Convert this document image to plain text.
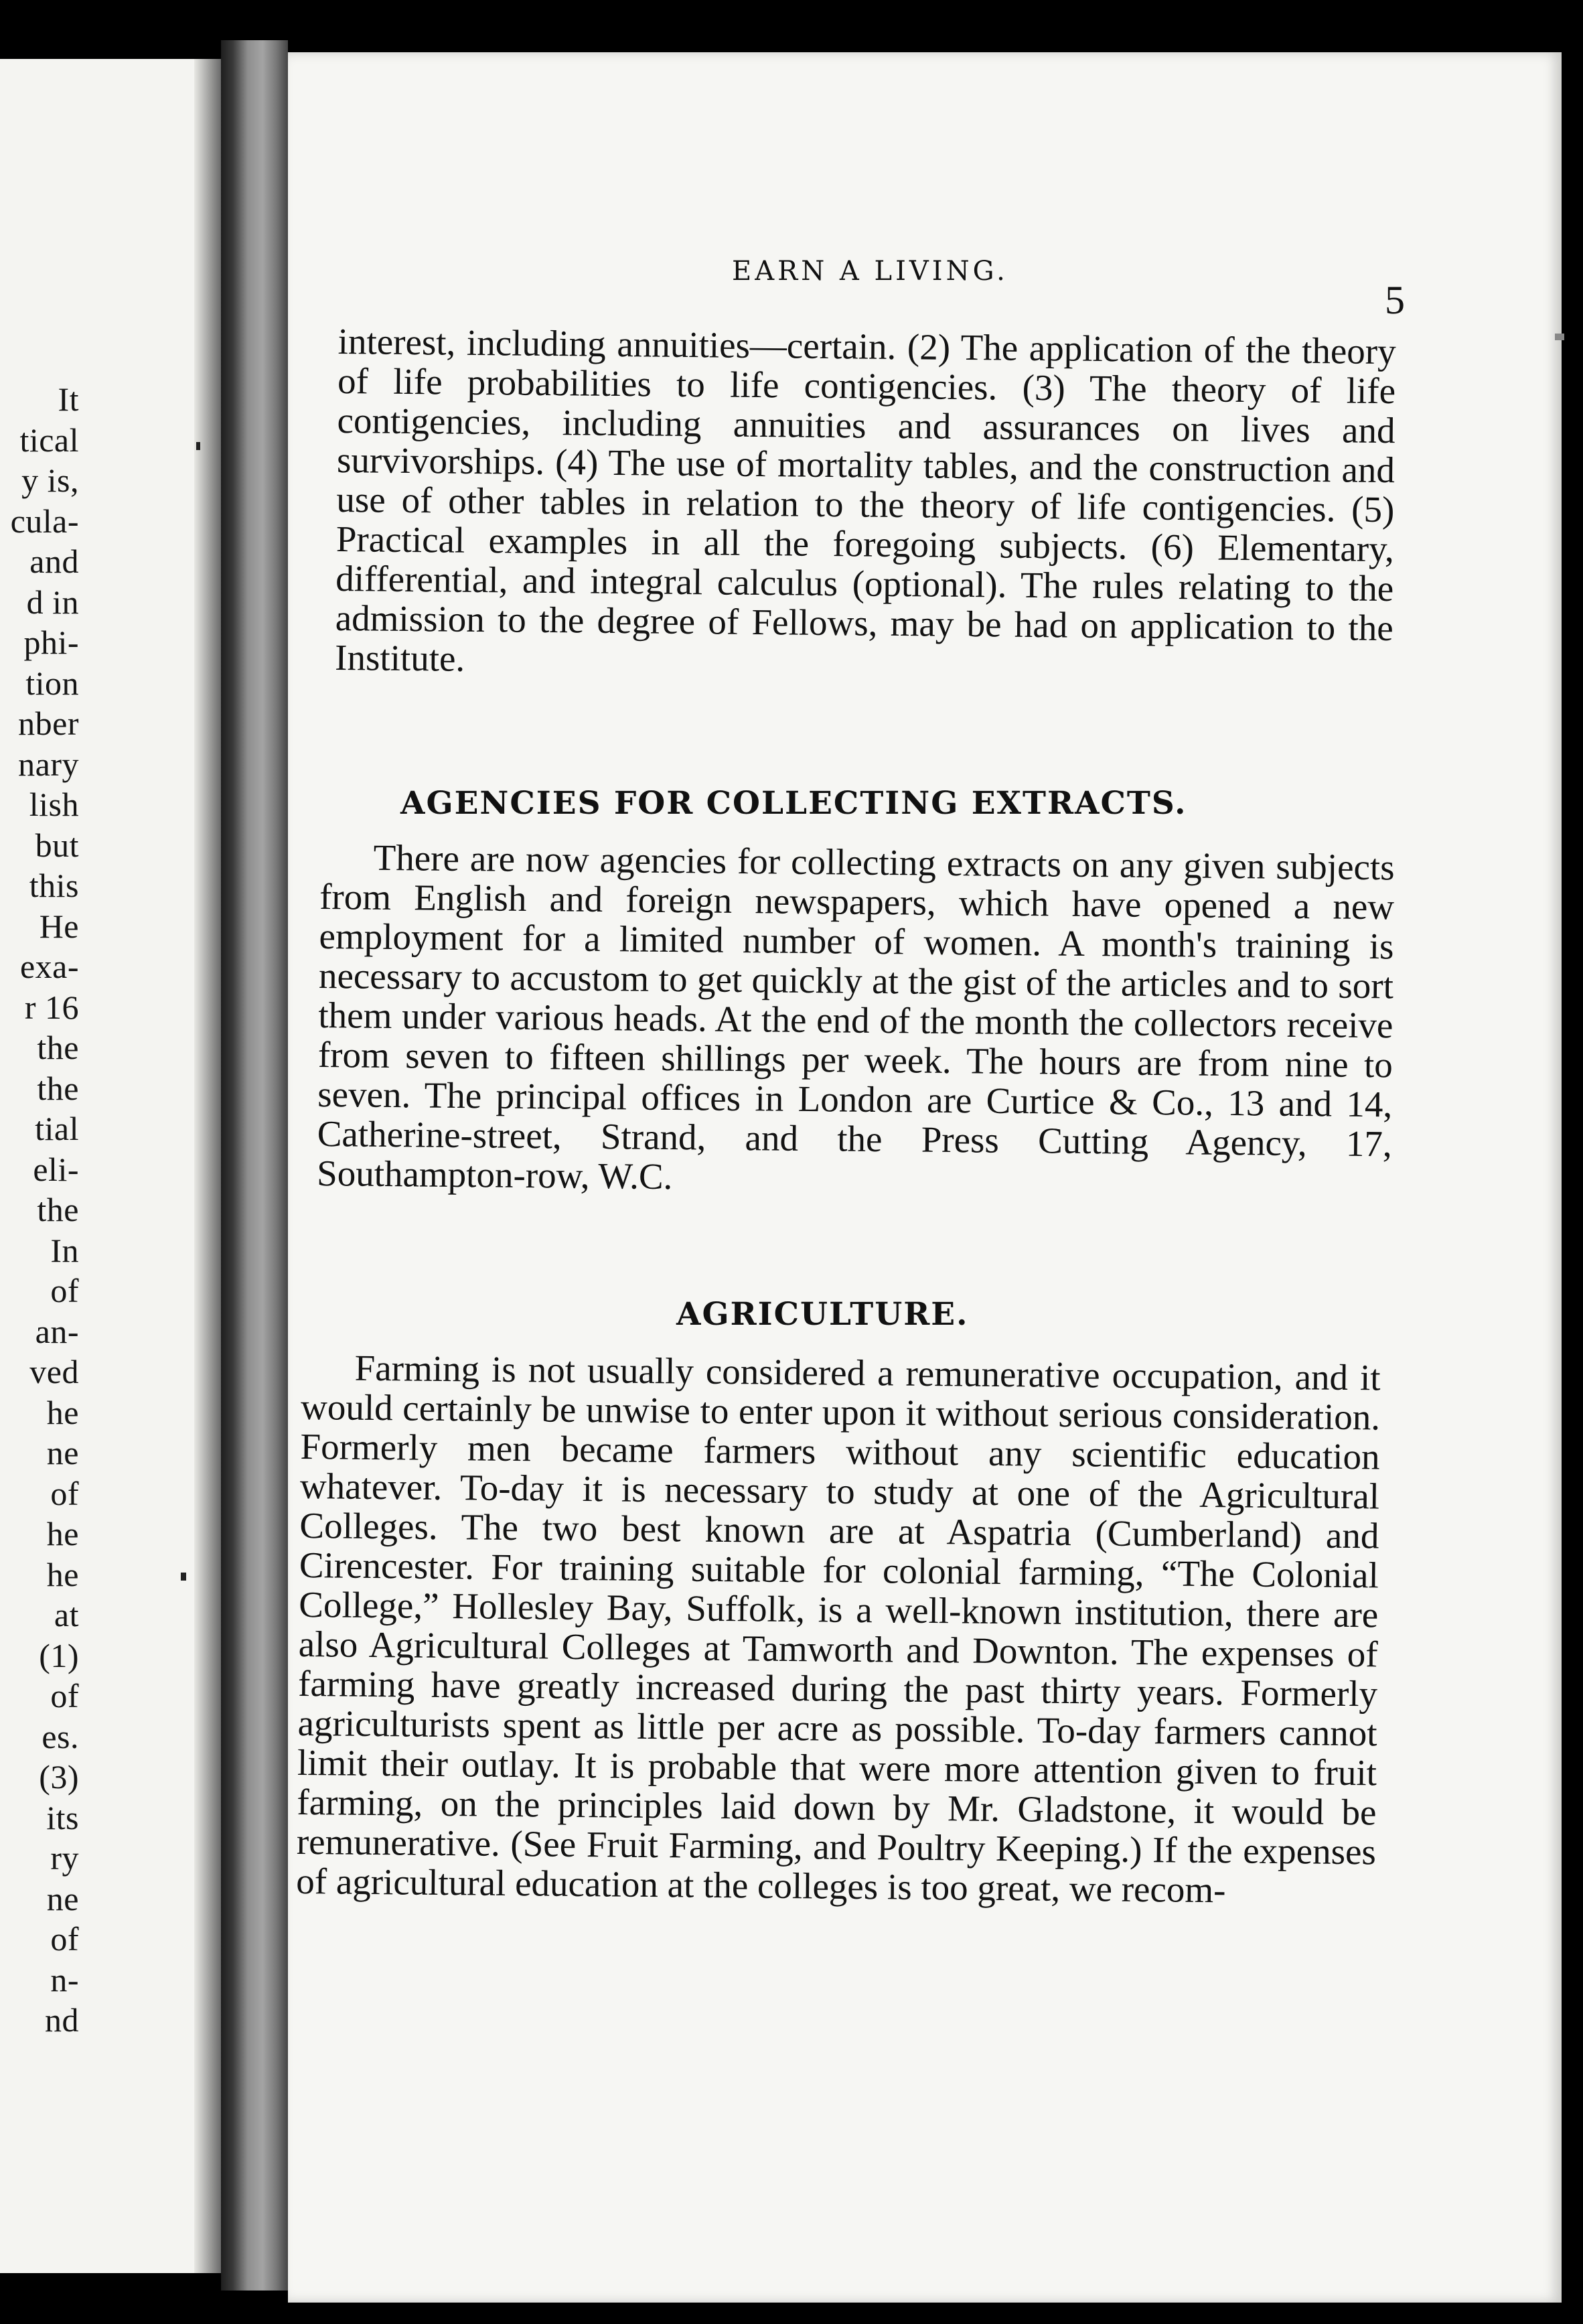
It
tical
y is,
cula-
and
d in
phi-
tion
nber
nary
lish
but
this
He
exa-
r 16
the
the
tial
eli-
the
In
of
an-
ved
he
ne
of
he
he
at
(1)
of
es.
(3)
its
ry
ne
of
n-
nd
EARN A LIVING.
5

interest, including annuities—certain. (2) The application of the theory of life probabilities to life contigencies. (3) The theory of life contigencies, including annuities and assurances on lives and survivorships. (4) The use of mortality tables, and the construction and use of other tables in relation to the theory of life contigencies. (5) Practical examples in all the foregoing subjects. (6) Elementary, differential, and integral calculus (optional). The rules relating to the admission to the degree of Fellows, may be had on application to the Institute.

AGENCIES FOR COLLECTING EXTRACTS.

There are now agencies for collecting extracts on any given subjects from English and foreign newspapers, which have opened a new employment for a limited number of women. A month's training is necessary to accustom to get quickly at the gist of the articles and to sort them under various heads. At the end of the month the collectors receive from seven to fifteen shillings per week. The hours are from nine to seven. The principal offices in London are Curtice & Co., 13 and 14, Catherine-street, Strand, and the Press Cutting Agency, 17, Southampton-row, W.C.

AGRICULTURE.

Farming is not usually considered a remunerative occupation, and it would certainly be unwise to enter upon it without serious consideration. Formerly men became farmers without any scientific education whatever. To-day it is necessary to study at one of the Agricultural Colleges. The two best known are at Aspatria (Cumberland) and Cirencester. For training suitable for colonial farming, “The Colonial College,” Hollesley Bay, Suffolk, is a well-known institution, there are also Agricultural Colleges at Tamworth and Downton. The expenses of farming have greatly increased during the past thirty years. Formerly agriculturists spent as little per acre as possible. To-day farmers cannot limit their outlay. It is probable that were more attention given to fruit farming, on the principles laid down by Mr. Gladstone, it would be remunerative. (See Fruit Farming, and Poultry Keeping.) If the expenses of agricultural education at the colleges is too great, we recom-
